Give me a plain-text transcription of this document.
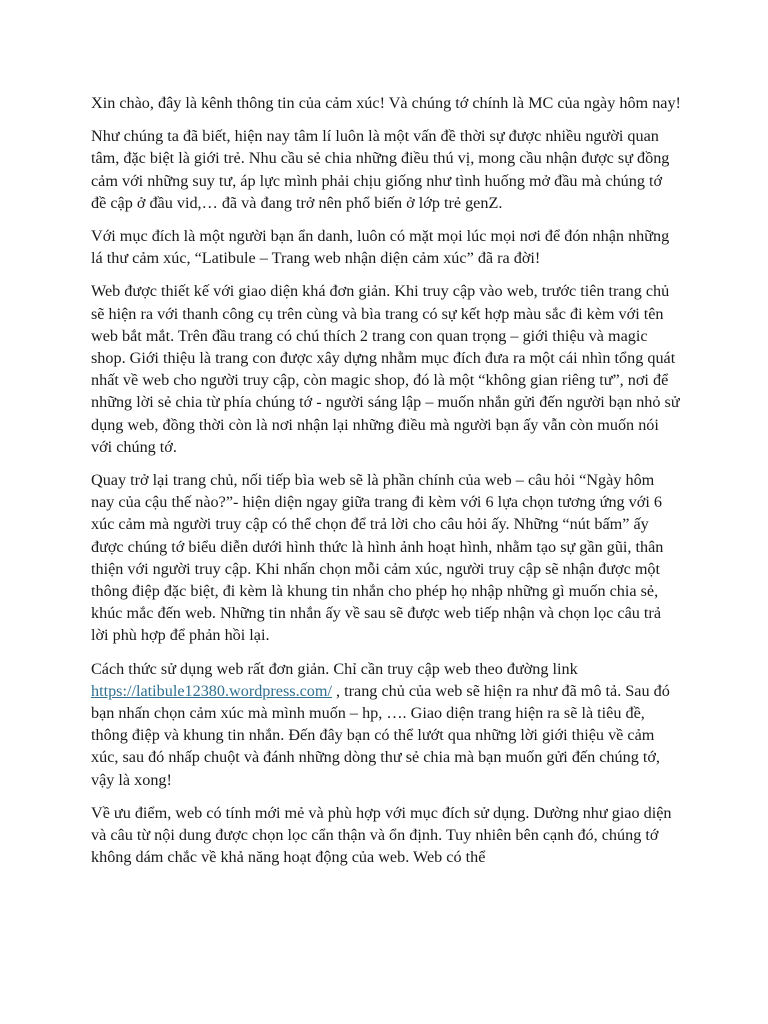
Xin chào, đây là kênh thông tin của cảm xúc! Và chúng tớ chính là MC của ngày hôm nay!

Như chúng ta đã biết, hiện nay tâm lí luôn là một vấn đề thời sự được nhiều người quan tâm, đặc biệt là giới trẻ. Nhu cầu sẻ chia những điều thú vị, mong cầu nhận được sự đồng cảm với những suy tư, áp lực mình phải chịu giống như tình huống mở đầu mà chúng tớ đề cập ở đầu vid,… đã và đang trở nên phổ biến ở lớp trẻ genZ.

Với mục đích là một người bạn ẩn danh, luôn có mặt mọi lúc mọi nơi để đón nhận những lá thư cảm xúc, “Latibule – Trang web nhận diện cảm xúc” đã ra đời!

Web được thiết kế với giao diện khá đơn giản. Khi truy cập vào web, trước tiên trang chủ sẽ hiện ra với thanh công cụ trên cùng và bìa trang có sự kết hợp màu sắc đi kèm với tên web bắt mắt. Trên đầu trang có chú thích 2 trang con quan trọng – giới thiệu và magic shop. Giới thiệu là trang con được xây dựng nhằm mục đích đưa ra một cái nhìn tổng quát nhất về web cho người truy cập, còn magic shop, đó là một “không gian riêng tư”, nơi để những lời sẻ chia từ phía chúng tớ - người sáng lập – muốn nhắn gửi đến người bạn nhỏ sử dụng web, đồng thời còn là nơi nhận lại những điều mà người bạn ấy vẫn còn muốn nói với chúng tớ.

Quay trở lại trang chủ, nối tiếp bìa web sẽ là phần chính của web – câu hỏi “Ngày hôm nay của cậu thế nào?”- hiện diện ngay giữa trang đi kèm với 6 lựa chọn tương ứng với 6 xúc cảm mà người truy cập có thể chọn để trả lời cho câu hỏi ấy. Những “nút bấm” ấy được chúng tớ biểu diễn dưới hình thức là hình ảnh hoạt hình, nhằm tạo sự gần gũi, thân thiện với người truy cập. Khi nhấn chọn mỗi cảm xúc, người truy cập sẽ nhận được một thông điệp đặc biệt, đi kèm là khung tin nhắn cho phép họ nhập những gì muốn chia sẻ, khúc mắc đến web. Những tin nhắn ấy về sau sẽ được web tiếp nhận và chọn lọc câu trả lời phù hợp để phản hồi lại.

Cách thức sử dụng web rất đơn giản. Chỉ cần truy cập web theo đường link https://latibule12380.wordpress.com/ , trang chủ của web sẽ hiện ra như đã mô tả. Sau đó bạn nhấn chọn cảm xúc mà mình muốn – hp, …. Giao diện trang hiện ra sẽ là tiêu đề, thông điệp và khung tin nhắn. Đến đây bạn có thể lướt qua những lời giới thiệu về cảm xúc, sau đó nhấp chuột và đánh những dòng thư sẻ chia mà bạn muốn gửi đến chúng tớ, vậy là xong!

Về ưu điểm, web có tính mới mẻ và phù hợp với mục đích sử dụng. Dường như giao diện và câu từ nội dung được chọn lọc cẩn thận và ổn định. Tuy nhiên bên cạnh đó, chúng tớ không dám chắc về khả năng hoạt động của web. Web có thể
